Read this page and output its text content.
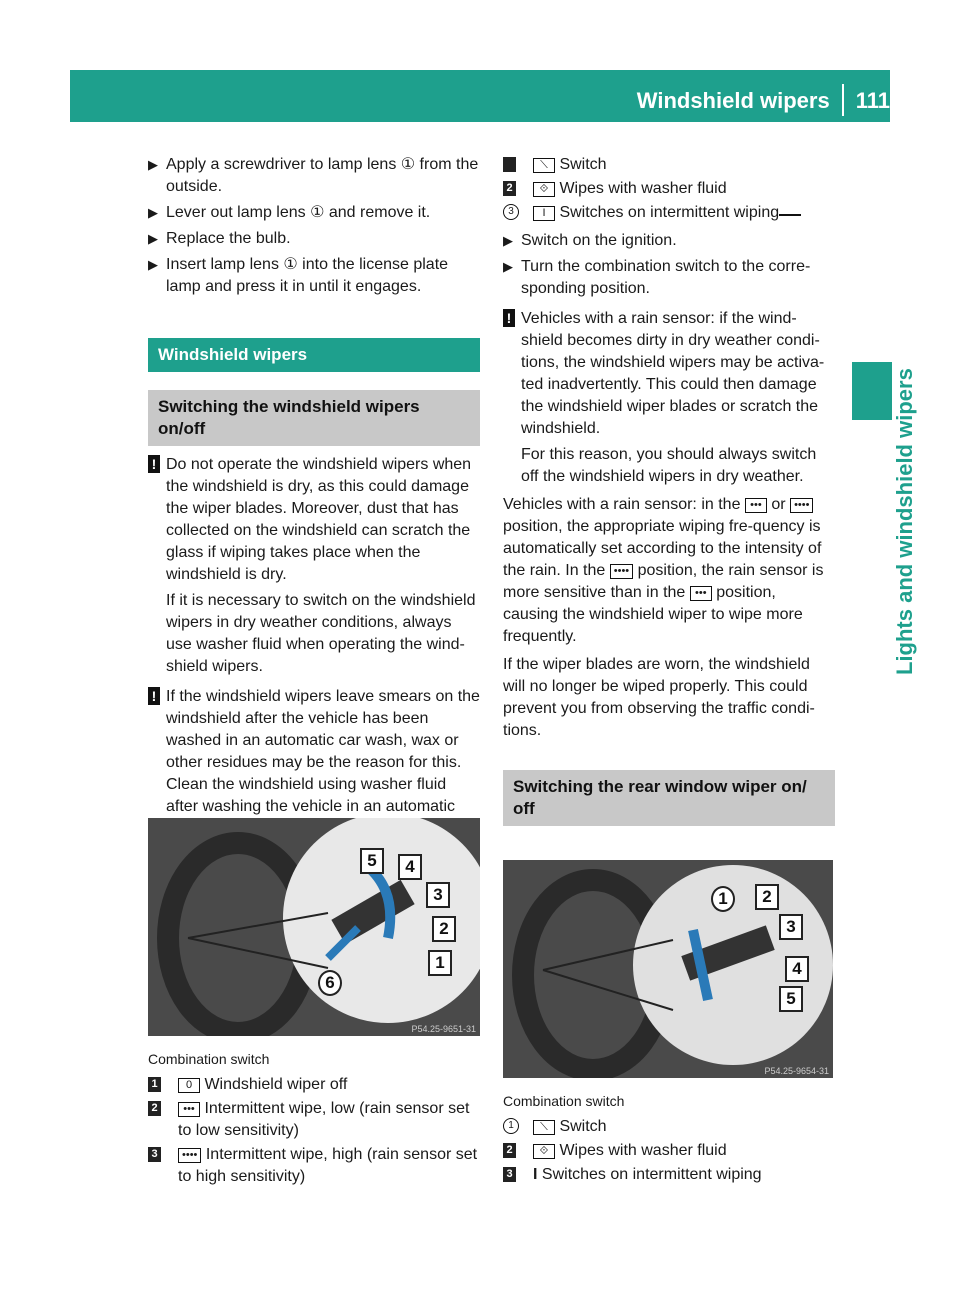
Windshield wipers 111
Lights and windshield wipers

▶ Apply a screwdriver to lamp lens ① from the outside.

▶ Lever out lamp lens ① and remove it.

▶ Replace the bulb.

▶ Insert lamp lens ① into the license plate lamp and press it in until it engages.

Windshield wipers
Switching the windshield wipers on/off

! Do not operate the windshield wipers when the windshield is dry, as this could damage the wiper blades. Moreover, dust that has collected on the windshield can scratch the glass if wiping takes place when the windshield is dry.

If it is necessary to switch on the windshield wipers in dry weather conditions, always use washer fluid when operating the wind-shield wipers.

! If the windshield wipers leave smears on the windshield after the vehicle has been washed in an automatic car wash, wax or other residues may be the reason for this. Clean the windshield using washer fluid after washing the vehicle in an automatic

5	4
3
2
1
6
P54.25-9651-31

Combination switch

1	0 Windshield wiper off

2	••• Intermittent wipe, low (rain sensor set to low sensitivity)

3	•••• Intermittent wipe, high (rain sensor set to high sensitivity)

⟍ Switch

2	⟐ Wipes with washer fluid

3	I Switches on intermittent wiping

▶ Switch on the ignition.

▶ Turn the combination switch to the corre-sponding position.

! Vehicles with a rain sensor: if the wind-shield becomes dirty in dry weather condi-tions, the windshield wipers may be activa-ted inadvertently. This could then damage the windshield wiper blades or scratch the windshield.

For this reason, you should always switch off the windshield wipers in dry weather.

Vehicles with a rain sensor: in the ••• or •••• position, the appropriate wiping fre-quency is automatically set according to the intensity of the rain. In the •••• position, the rain sensor is more sensitive than in the ••• position, causing the windshield wiper to wipe more frequently.

If the wiper blades are worn, the windshield will no longer be wiped properly. This could prevent you from observing the traffic condi-tions.

Switching the rear window wiper on/ off
1	2
3
4
5
P54.25-9654-31

Combination switch

1	⟍ Switch

2	⟐ Wipes with washer fluid

3 I Switches on intermittent wiping
